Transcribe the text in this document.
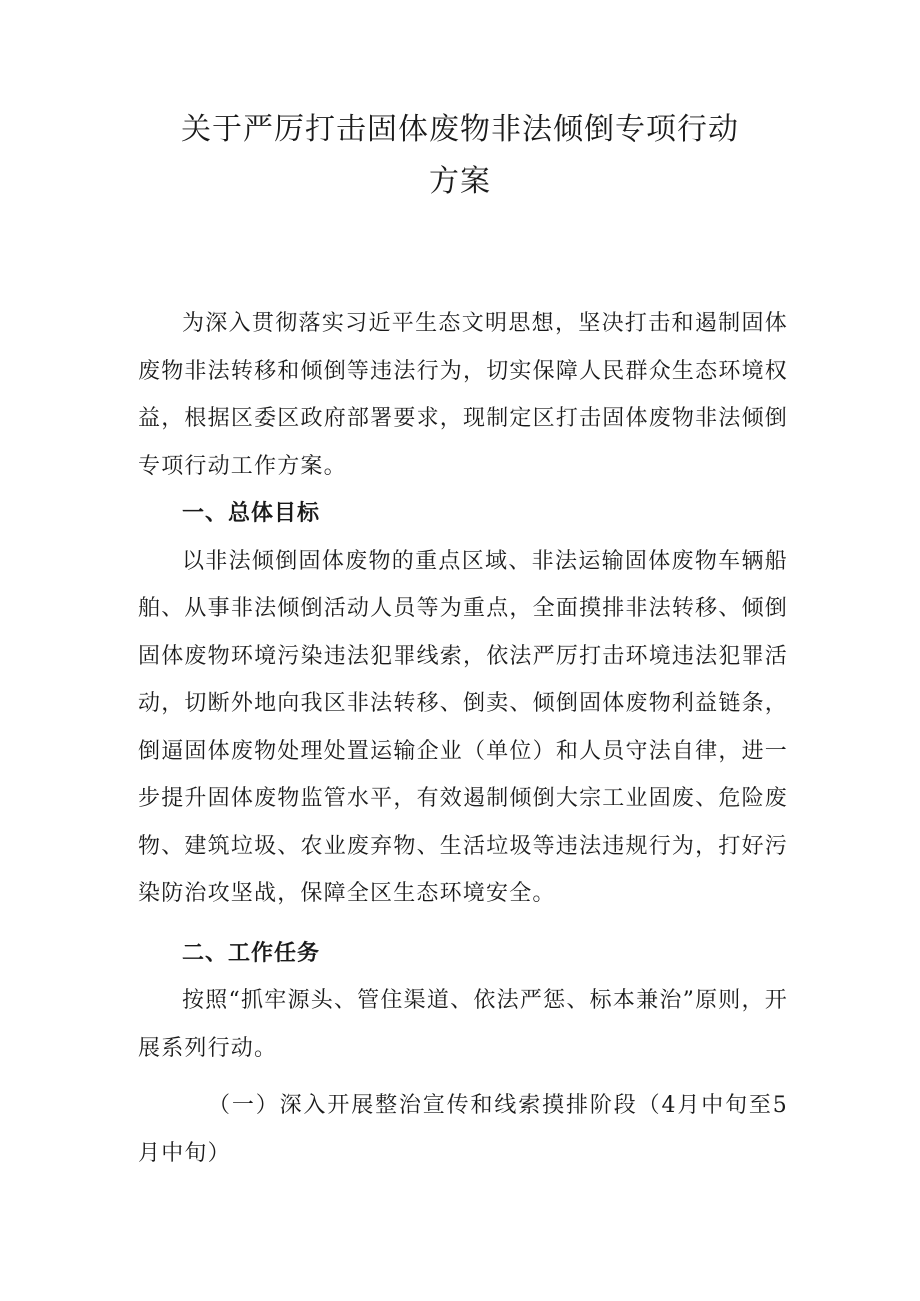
关于严厉打击固体废物非法倾倒专项行动
方案

为深入贯彻落实习近平生态文明思想，坚决打击和遏制固体废物非法转移和倾倒等违法行为，切实保障人民群众生态环境权益，根据区委区政府部署要求，现制定区打击固体废物非法倾倒专项行动工作方案。

一、总体目标

以非法倾倒固体废物的重点区域、非法运输固体废物车辆船舶、从事非法倾倒活动人员等为重点，全面摸排非法转移、倾倒固体废物环境污染违法犯罪线索，依法严厉打击环境违法犯罪活动，切断外地向我区非法转移、倒卖、倾倒固体废物利益链条，倒逼固体废物处理处置运输企业（单位）和人员守法自律，进一步提升固体废物监管水平，有效遏制倾倒大宗工业固废、危险废物、建筑垃圾、农业废弃物、生活垃圾等违法违规行为，打好污染防治攻坚战，保障全区生态环境安全。

二、工作任务

按照“抓牢源头、管住渠道、依法严惩、标本兼治”原则，开展系列行动。

（一）深入开展整治宣传和线索摸排阶段（4月中旬至5月中旬）
